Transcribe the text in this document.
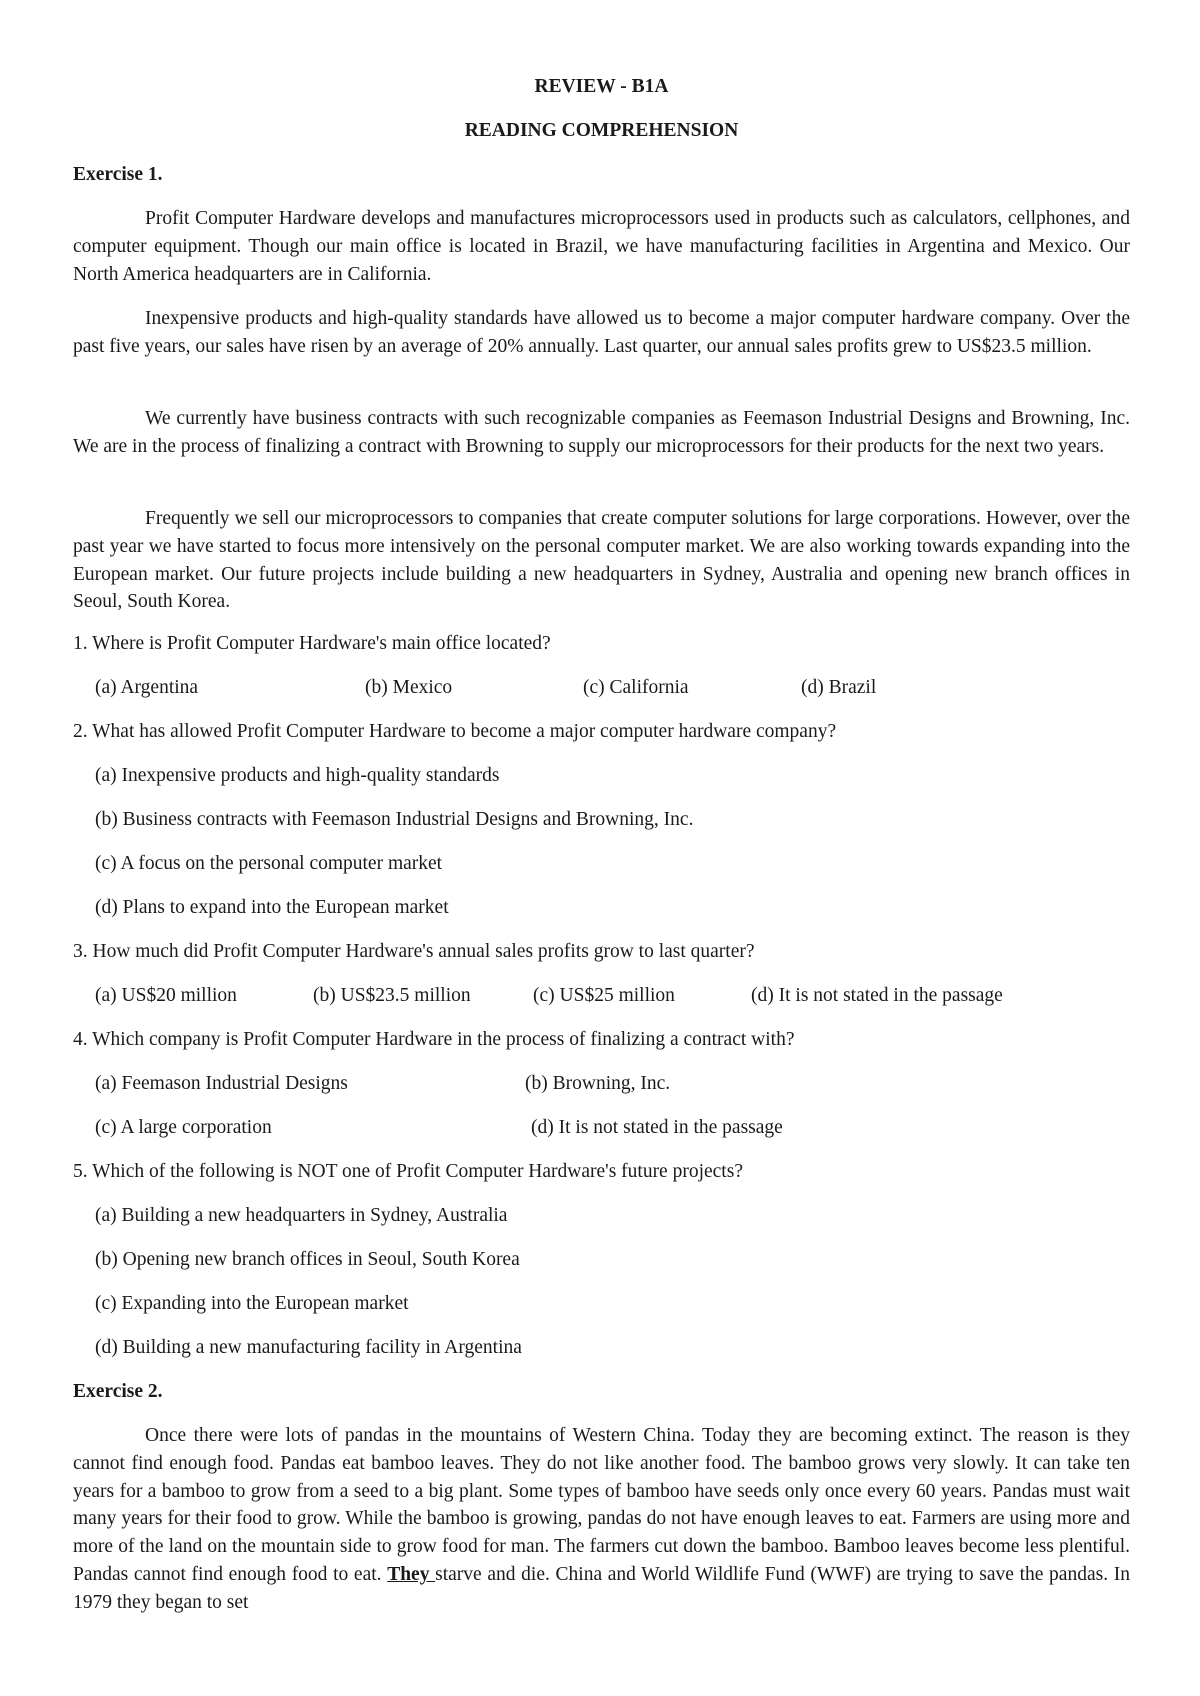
REVIEW - B1A
READING COMPREHENSION
Exercise 1.
Profit Computer Hardware develops and manufactures microprocessors used in products such as calculators, cellphones, and computer equipment. Though our main office is located in Brazil, we have manufacturing facilities in Argentina and Mexico. Our North America headquarters are in California.
Inexpensive products and high-quality standards have allowed us to become a major computer hardware company. Over the past five years, our sales have risen by an average of 20% annually. Last quarter, our annual sales profits grew to US$23.5 million.
We currently have business contracts with such recognizable companies as Feemason Industrial Designs and Browning, Inc. We are in the process of finalizing a contract with Browning to supply our microprocessors for their products for the next two years.
Frequently we sell our microprocessors to companies that create computer solutions for large corporations. However, over the past year we have started to focus more intensively on the personal computer market. We are also working towards expanding into the European market. Our future projects include building a new headquarters in Sydney, Australia and opening new branch offices in Seoul, South Korea.
1. Where is Profit Computer Hardware's main office located?
(a) Argentina	(b) Mexico	(c) California	(d) Brazil
2. What has allowed Profit Computer Hardware to become a major computer hardware company?
(a) Inexpensive products and high-quality standards
(b) Business contracts with Feemason Industrial Designs and Browning, Inc.
(c) A focus on the personal computer market
(d) Plans to expand into the European market
3. How much did Profit Computer Hardware's annual sales profits grow to last quarter?
(a) US$20 million	(b) US$23.5 million	(c) US$25 million	(d) It is not stated in the passage
4. Which company is Profit Computer Hardware in the process of finalizing a contract with?
(a) Feemason Industrial Designs	(b) Browning, Inc.
(c) A large corporation	(d) It is not stated in the passage
5. Which of the following is NOT one of Profit Computer Hardware's future projects?
(a) Building a new headquarters in Sydney, Australia
(b) Opening new branch offices in Seoul, South Korea
(c) Expanding into the European market
(d) Building a new manufacturing facility in Argentina
Exercise 2.
Once there were lots of pandas in the mountains of Western China. Today they are becoming extinct. The reason is they cannot find enough food. Pandas eat bamboo leaves. They do not like another food. The bamboo grows very slowly. It can take ten years for a bamboo to grow from a seed to a big plant. Some types of bamboo have seeds only once every 60 years. Pandas must wait many years for their food to grow. While the bamboo is growing, pandas do not have enough leaves to eat. Farmers are using more and more of the land on the mountain side to grow food for man. The farmers cut down the bamboo. Bamboo leaves become less plentiful. Pandas cannot find enough food to eat. They starve and die. China and World Wildlife Fund (WWF) are trying to save the pandas. In 1979 they began to set
